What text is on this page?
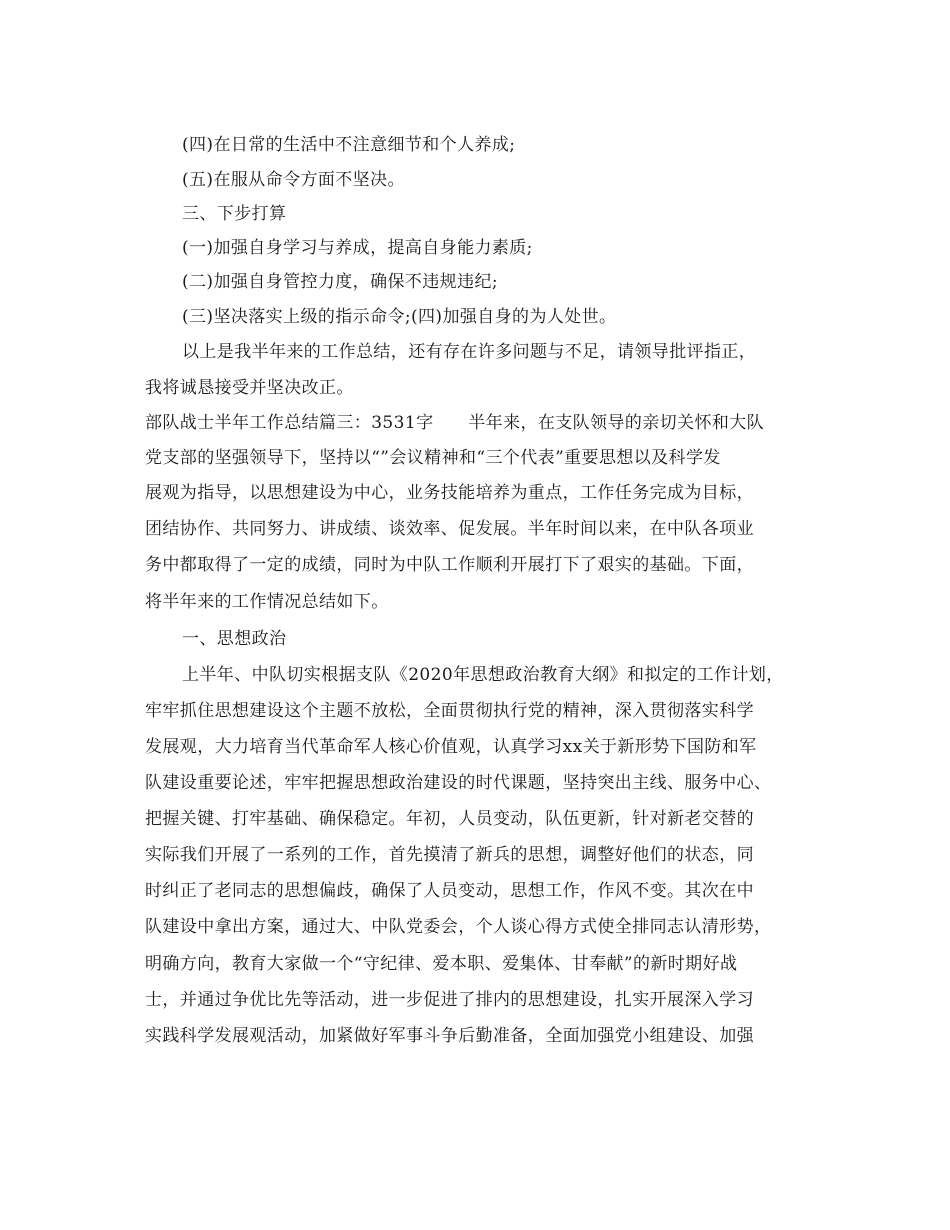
(四)在日常的生活中不注意细节和个人养成;
(五)在服从命令方面不坚决。
三、下步打算
(一)加强自身学习与养成，提高自身能力素质;
(二)加强自身管控力度，确保不违规违纪;
(三)坚决落实上级的指示命令;(四)加强自身的为人处世。
以上是我半年来的工作总结，还有存在许多问题与不足，请领导批评指正，
我将诚恳接受并坚决改正。
部队战士半年工作总结篇三：3531字　　半年来，在支队领导的亲切关怀和大队
党支部的坚强领导下，坚持以“”会议精神和“三个代表”重要思想以及科学发
展观为指导，以思想建设为中心，业务技能培养为重点，工作任务完成为目标，
团结协作、共同努力、讲成绩、谈效率、促发展。半年时间以来，在中队各项业
务中都取得了一定的成绩，同时为中队工作顺利开展打下了艰实的基础。下面，
将半年来的工作情况总结如下。
一、思想政治
上半年、中队切实根据支队《2020年思想政治教育大纲》和拟定的工作计划，
牢牢抓住思想建设这个主题不放松，全面贯彻执行党的精神，深入贯彻落实科学
发展观，大力培育当代革命军人核心价值观，认真学习xx关于新形势下国防和军
队建设重要论述，牢牢把握思想政治建设的时代课题，坚持突出主线、服务中心、
把握关键、打牢基础、确保稳定。年初，人员变动，队伍更新，针对新老交替的
实际我们开展了一系列的工作，首先摸清了新兵的思想，调整好他们的状态，同
时纠正了老同志的思想偏歧，确保了人员变动，思想工作，作风不变。其次在中
队建设中拿出方案，通过大、中队党委会，个人谈心得方式使全排同志认清形势，
明确方向，教育大家做一个“守纪律、爱本职、爱集体、甘奉献”的新时期好战
士，并通过争优比先等活动，进一步促进了排内的思想建设，扎实开展深入学习
实践科学发展观活动，加紧做好军事斗争后勤准备，全面加强党小组建设、加强
